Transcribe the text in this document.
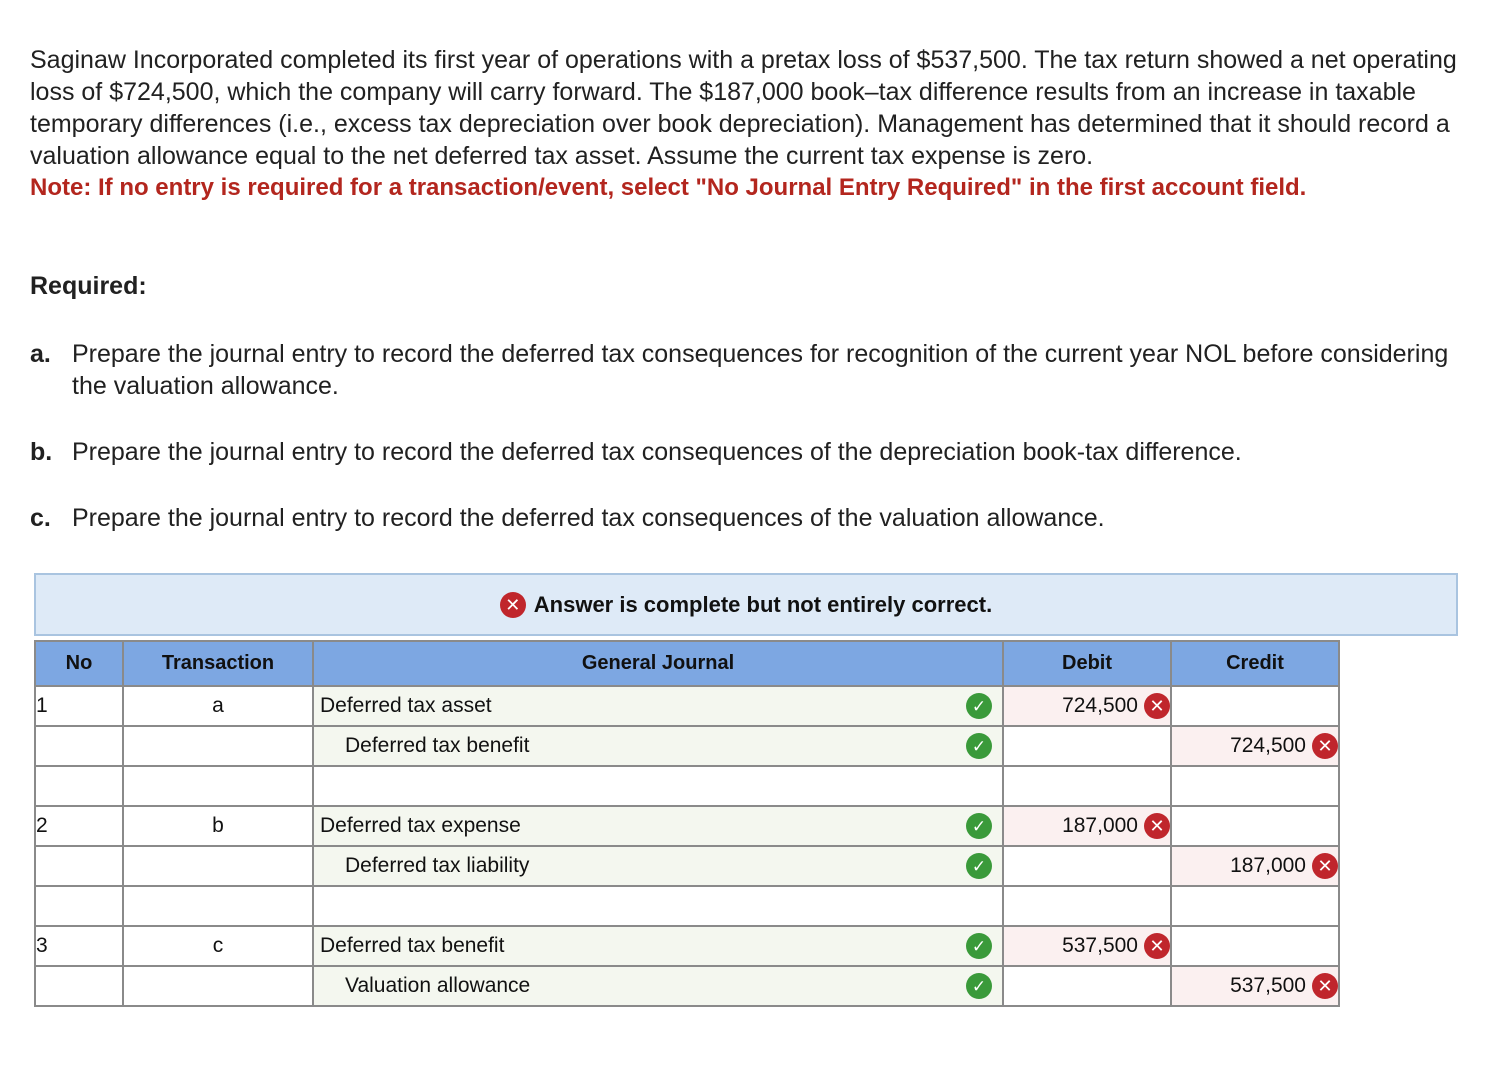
Saginaw Incorporated completed its first year of operations with a pretax loss of $537,500. The tax return showed a net operating loss of $724,500, which the company will carry forward. The $187,000 book–tax difference results from an increase in taxable temporary differences (i.e., excess tax depreciation over book depreciation). Management has determined that it should record a valuation allowance equal to the net deferred tax asset. Assume the current tax expense is zero.

Note: If no entry is required for a transaction/event, select "No Journal Entry Required" in the first account field.

Required:
a. Prepare the journal entry to record the deferred tax consequences for recognition of the current year NOL before considering the valuation allowance.
b. Prepare the journal entry to record the deferred tax consequences of the depreciation book-tax difference.
c. Prepare the journal entry to record the deferred tax consequences of the valuation allowance.
✕ Answer is complete but not entirely correct.
No	Transaction	General Journal	Debit	Credit
1	a	Deferred tax asset ✓	724,500 ✕	

		Deferred tax benefit ✓		724,500 ✕

2	b	Deferred tax expense ✓	187,000 ✕	

		Deferred tax liability ✓		187,000 ✕

3	c	Deferred tax benefit ✓	537,500 ✕	

		Valuation allowance ✓		537,500 ✕
